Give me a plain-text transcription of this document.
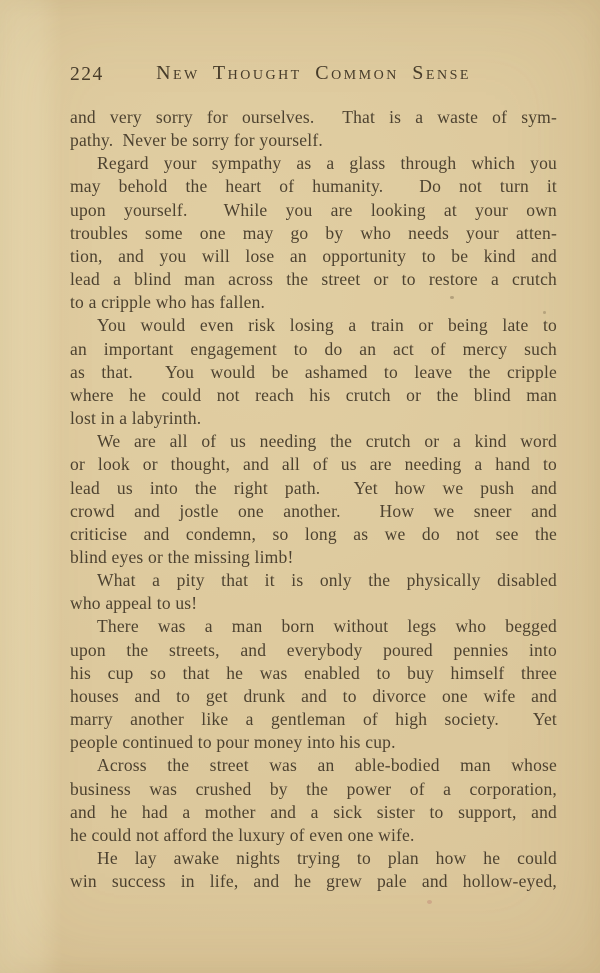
224	New Thought Common Sense
and very sorry for ourselves.  That is a waste of sym-
pathy.  Never be sorry for yourself.
Regard your sympathy as a glass through which you
may behold the heart of humanity.  Do not turn it
upon yourself.  While you are looking at your own
troubles some one may go by who needs your atten-
tion, and you will lose an opportunity to be kind and
lead a blind man across the street or to restore a crutch
to a cripple who has fallen.
You would even risk losing a train or being late to
an important engagement to do an act of mercy such
as that.  You would be ashamed to leave the cripple
where he could not reach his crutch or the blind man
lost in a labyrinth.
We are all of us needing the crutch or a kind word
or look or thought, and all of us are needing a hand to
lead us into the right path.  Yet how we push and
crowd and jostle one another.  How we sneer and
criticise and condemn, so long as we do not see the
blind eyes or the missing limb!
What a pity that it is only the physically disabled
who appeal to us!
There was a man born without legs who begged
upon the streets, and everybody poured pennies into
his cup so that he was enabled to buy himself three
houses and to get drunk and to divorce one wife and
marry another like a gentleman of high society.  Yet
people continued to pour money into his cup.
Across the street was an able-bodied man whose
business was crushed by the power of a corporation,
and he had a mother and a sick sister to support, and
he could not afford the luxury of even one wife.
He lay awake nights trying to plan how he could
win success in life, and he grew pale and hollow-eyed,
